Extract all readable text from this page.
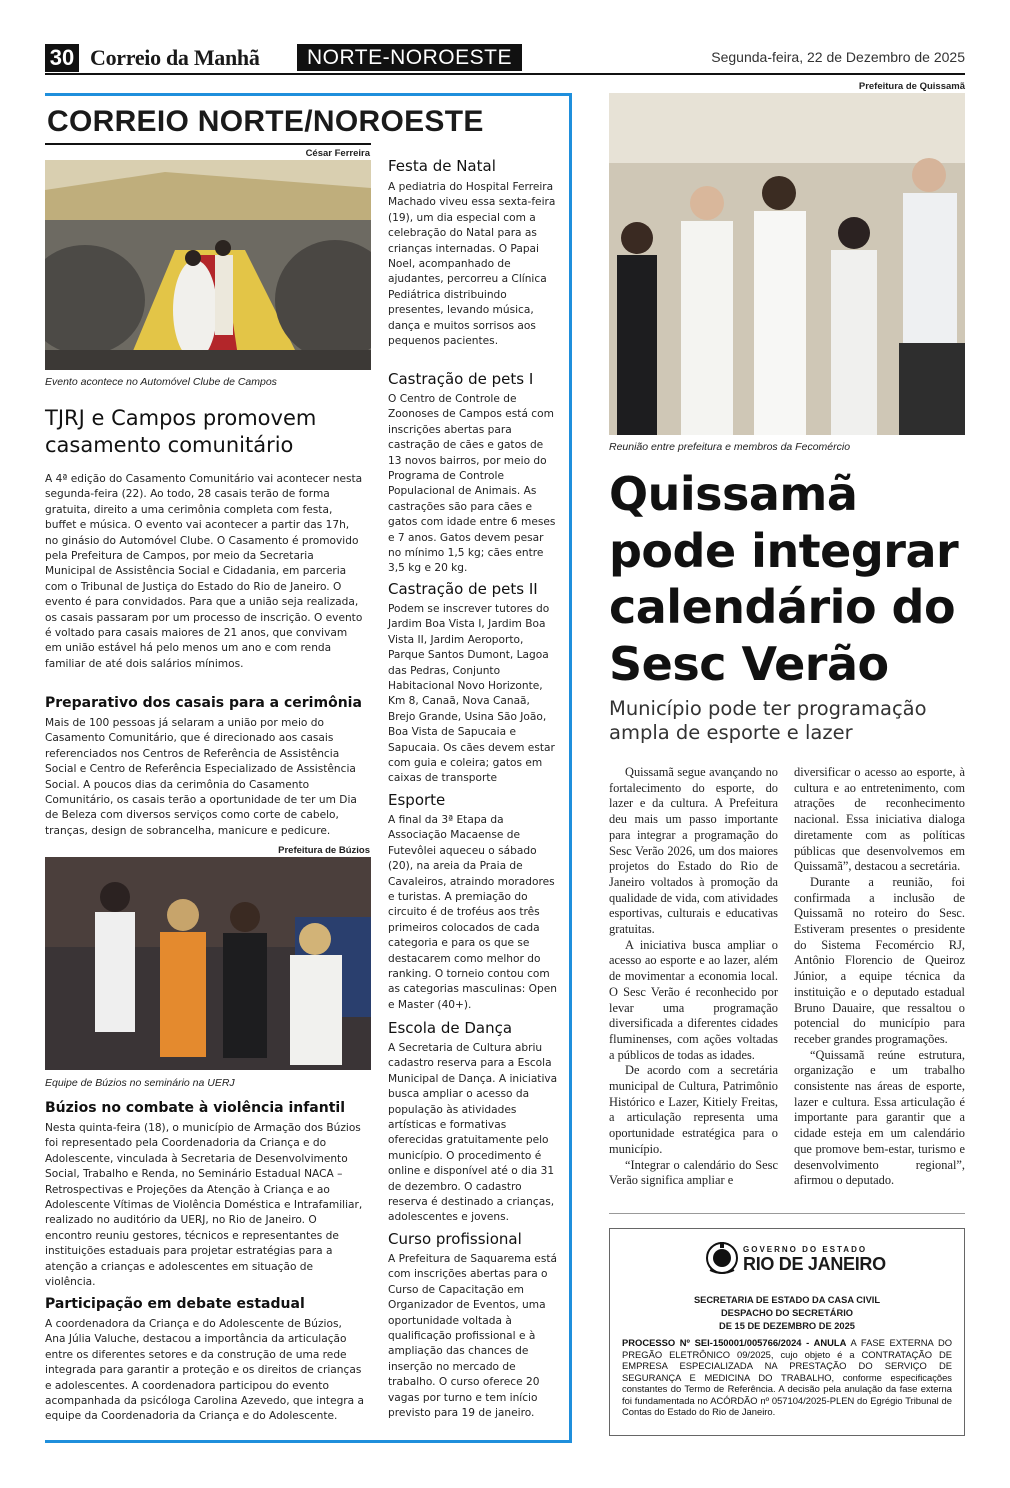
30 Correio da Manhã	NORTE-NOROESTE	Segunda-feira, 22 de Dezembro de 2025
CORREIO NORTE/NOROESTE
César Ferreira
Evento acontece no Automóvel Clube de Campos
TJRJ e Campos promovem casamento comunitário

A 4ª edição do Casamento Comunitário vai acontecer nesta segunda-feira (22). Ao todo, 28 casais terão de forma gratuita, direito a uma cerimônia completa com festa, buffet e música. O evento vai acontecer a partir das 17h, no ginásio do Automóvel Clube. O Casamento é promovido pela Prefeitura de Campos, por meio da Secretaria Municipal de Assistência Social e Cidadania, em parceria com o Tribunal de Justiça do Estado do Rio de Janeiro. O evento é para convidados. Para que a união seja realizada, os casais passaram por um processo de inscrição. O evento é voltado para casais maiores de 21 anos, que convivam em união estável há pelo menos um ano e com renda familiar de até dois salários mínimos.

Preparativo dos casais para a cerimônia

Mais de 100 pessoas já selaram a união por meio do Casamento Comunitário, que é direcionado aos casais referenciados nos Centros de Referência de Assistência Social e Centro de Referência Especializado de Assistência Social. A poucos dias da cerimônia do Casamento Comunitário, os casais terão a oportunidade de ter um Dia de Beleza com diversos serviços como corte de cabelo, tranças, design de sobrancelha, manicure e pedicure.

Prefeitura de Búzios
Equipe de Búzios no seminário na UERJ
Búzios no combate à violência infantil

Nesta quinta-feira (18), o município de Armação dos Búzios foi representado pela Coordenadoria da Criança e do Adolescente, vinculada à Secretaria de Desenvolvimento Social, Trabalho e Renda, no Seminário Estadual NACA – Retrospectivas e Projeções da Atenção à Criança e ao Adolescente Vítimas de Violência Doméstica e Intrafamiliar, realizado no auditório da UERJ, no Rio de Janeiro. O encontro reuniu gestores, técnicos e representantes de instituições estaduais para projetar estratégias para a atenção a crianças e adolescentes em situação de violência.

Participação em debate estadual

A coordenadora da Criança e do Adolescente de Búzios, Ana Júlia Valuche, destacou a importância da articulação entre os diferentes setores e da construção de uma rede integrada para garantir a proteção e os direitos de crianças e adolescentes. A coordenadora participou do evento acompanhada da psicóloga Carolina Azevedo, que integra a equipe da Coordenadoria da Criança e do Adolescente.

Festa de Natal

A pediatria do Hospital Ferreira Machado viveu essa sexta-feira (19), um dia especial com a celebração do Natal para as crianças internadas. O Papai Noel, acompanhado de ajudantes, percorreu a Clínica Pediátrica distribuindo presentes, levando música, dança e muitos sorrisos aos pequenos pacientes.

Castração de pets I

O Centro de Controle de Zoonoses de Campos está com inscrições abertas para castração de cães e gatos de 13 novos bairros, por meio do Programa de Controle Populacional de Animais. As castrações são para cães e gatos com idade entre 6 meses e 7 anos. Gatos devem pesar no mínimo 1,5 kg; cães entre 3,5 kg e 20 kg.

Castração de pets II

Podem se inscrever tutores do Jardim Boa Vista I, Jardim Boa Vista II, Jardim Aeroporto, Parque Santos Dumont, Lagoa das Pedras, Conjunto Habitacional Novo Horizonte, Km 8, Canaã, Nova Canaã, Brejo Grande, Usina São João, Boa Vista de Sapucaia e Sapucaia. Os cães devem estar com guia e coleira; gatos em caixas de transporte

Esporte

A final da 3ª Etapa da Associação Macaense de Futevôlei aqueceu o sábado (20), na areia da Praia de Cavaleiros, atraindo moradores e turistas. A premiação do circuito é de troféus aos três primeiros colocados de cada categoria e para os que se destacarem como melhor do ranking. O torneio contou com as categorias masculinas: Open e Master (40+).

Escola de Dança

A Secretaria de Cultura abriu cadastro reserva para a Escola Municipal de Dança. A iniciativa busca ampliar o acesso da população às atividades artísticas e formativas oferecidas gratuitamente pelo município. O procedimento é online e disponível até o dia 31 de dezembro. O cadastro reserva é destinado a crianças, adolescentes e jovens.

Curso profissional

A Prefeitura de Saquarema está com inscrições abertas para o Curso de Capacitação em Organizador de Eventos, uma oportunidade voltada à qualificação profissional e à ampliação das chances de inserção no mercado de trabalho. O curso oferece 20 vagas por turno e tem início previsto para 19 de janeiro.

Prefeitura de Quissamã
Reunião entre prefeitura e membros da Fecomércio
Quissamã pode integrar calendário do Sesc Verão
Município pode ter programação ampla de esporte e lazer

Quissamã segue avançando no fortalecimento do esporte, do lazer e da cultura. A Prefeitura deu mais um passo importante para integrar a programação do Sesc Verão 2026, um dos maiores projetos do Estado do Rio de Janeiro voltados à promoção da qualidade de vida, com atividades esportivas, culturais e educativas gratuitas.

A iniciativa busca ampliar o acesso ao esporte e ao lazer, além de movimentar a economia local. O Sesc Verão é reconhecido por levar uma programação diversificada a diferentes cidades fluminenses, com ações voltadas a públicos de todas as idades.

De acordo com a secretária municipal de Cultura, Patrimônio Histórico e Lazer, Kitiely Freitas, a articulação representa uma oportunidade estratégica para o município.

“Integrar o calendário do Sesc Verão significa ampliar e

diversificar o acesso ao esporte, à cultura e ao entretenimento, com atrações de reconhecimento nacional. Essa iniciativa dialoga diretamente com as políticas públicas que desenvolvemos em Quissamã”, destacou a secretária.

Durante a reunião, foi confirmada a inclusão de Quissamã no roteiro do Sesc. Estiveram presentes o presidente do Sistema Fecomércio RJ, Antônio Florencio de Queiroz Júnior, a equipe técnica da instituição e o deputado estadual Bruno Dauaire, que ressaltou o potencial do município para receber grandes programações.

“Quissamã reúne estrutura, organização e um trabalho consistente nas áreas de esporte, lazer e cultura. Essa articulação é importante para garantir que a cidade esteja em um calendário que promove bem-estar, turismo e desenvolvimento regional”, afirmou o deputado.

GOVERNO DO ESTADO
RIO DE JANEIRO
SECRETARIA DE ESTADO DA CASA CIVIL
DESPACHO DO SECRETÁRIO
DE 15 DE DEZEMBRO DE 2025
PROCESSO Nº SEI-150001/005766/2024 - ANULA A FASE EXTERNA DO PREGÃO ELETRÔNICO 09/2025, cujo objeto é a CONTRATAÇÃO DE EMPRESA ESPECIALIZADA NA PRESTAÇÃO DO SERVIÇO DE SEGURANÇA E MEDICINA DO TRABALHO, conforme especificações constantes do Termo de Referência. A decisão pela anulação da fase externa foi fundamentada no ACÓRDÃO nº 057104/2025-PLEN do Egrégio Tribunal de Contas do Estado do Rio de Janeiro.
